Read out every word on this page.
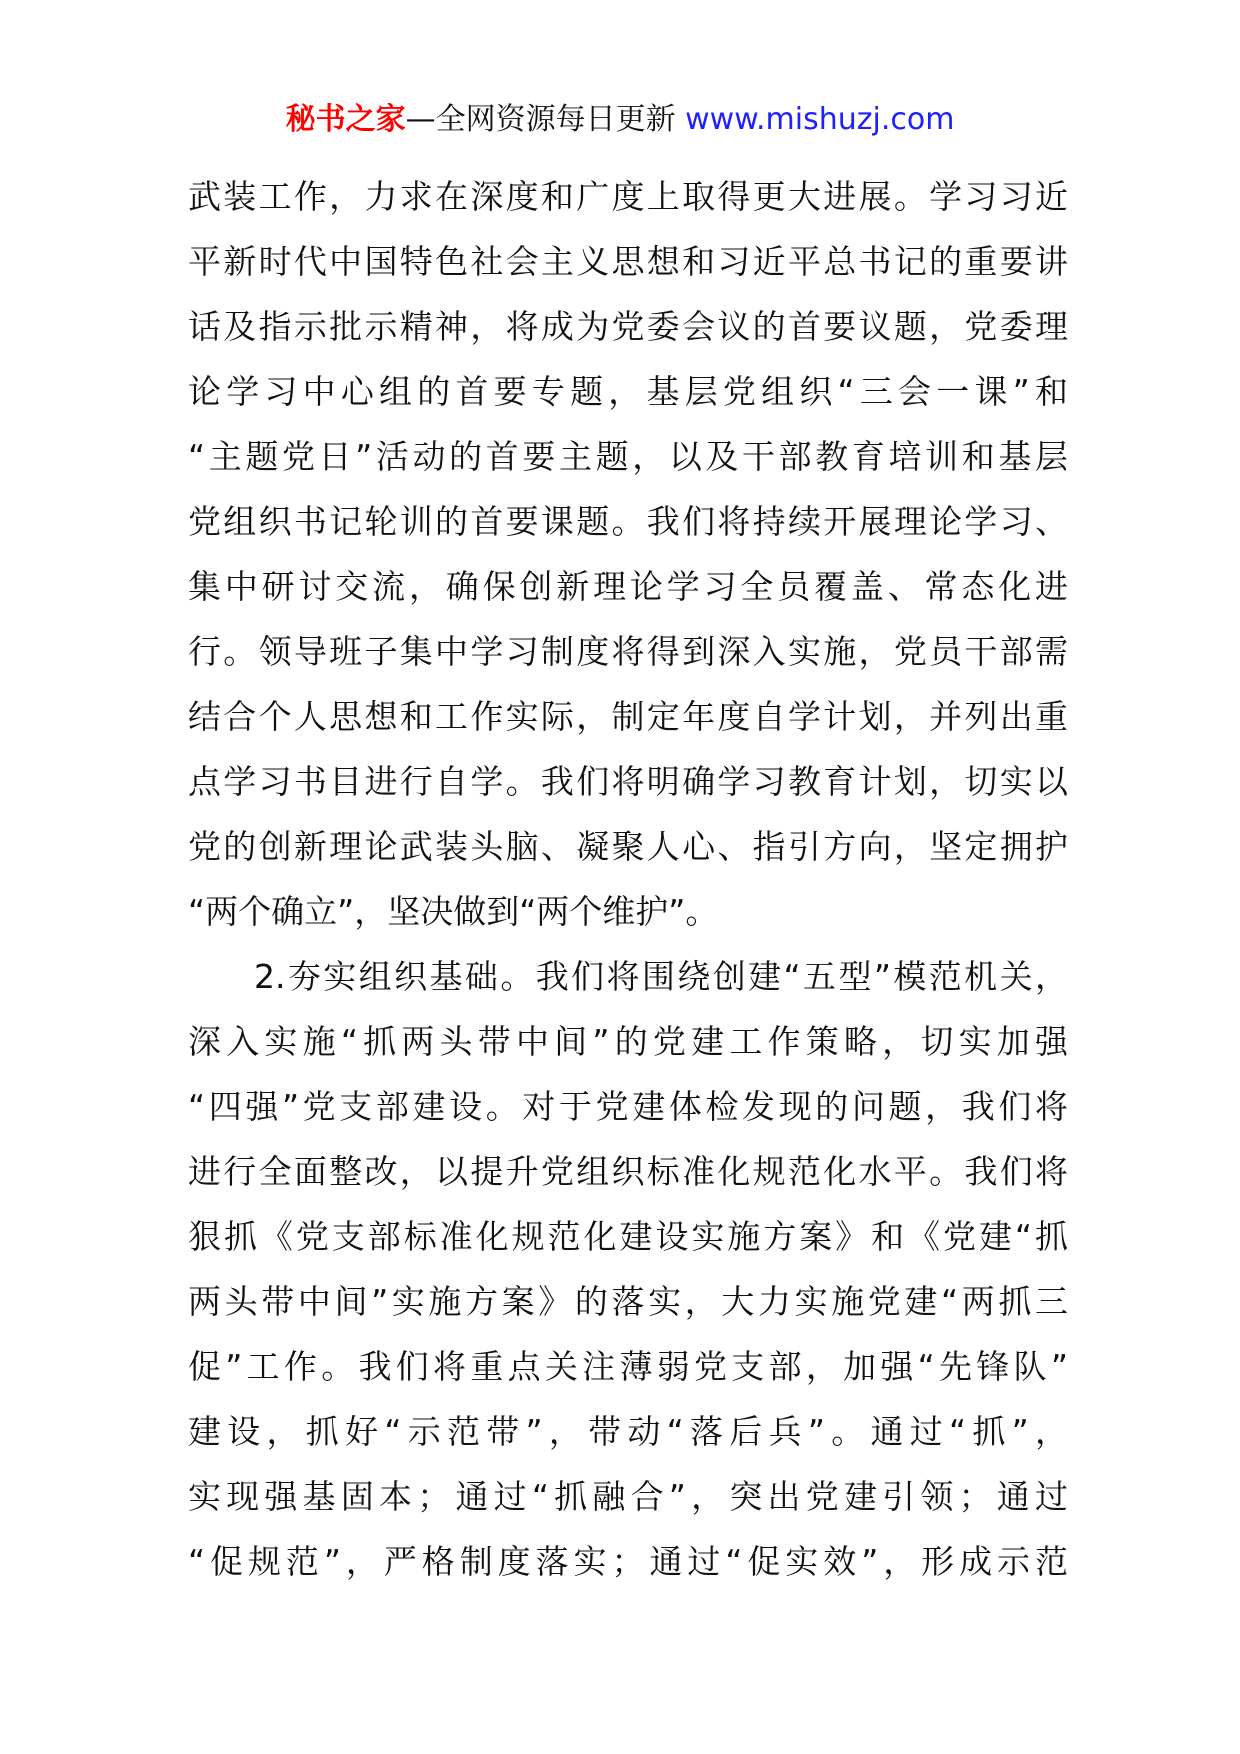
秘书之家—全网资源每日更新 www.mishuzj.com
武装工作，力求在深度和广度上取得更大进展。学习习近
平新时代中国特色社会主义思想和习近平总书记的重要讲
话及指示批示精神，将成为党委会议的首要议题，党委理
论学习中心组的首要专题，基层党组织“三会一课”和
“主题党日”活动的首要主题，以及干部教育培训和基层
党组织书记轮训的首要课题。我们将持续开展理论学习、
集中研讨交流，确保创新理论学习全员覆盖、常态化进
行。领导班子集中学习制度将得到深入实施，党员干部需
结合个人思想和工作实际，制定年度自学计划，并列出重
点学习书目进行自学。我们将明确学习教育计划，切实以
党的创新理论武装头脑、凝聚人心、指引方向，坚定拥护
“两个确立”，坚决做到“两个维护”。
2.夯实组织基础。我们将围绕创建“五型”模范机关，
深入实施“抓两头带中间”的党建工作策略，切实加强
“四强”党支部建设。对于党建体检发现的问题，我们将
进行全面整改，以提升党组织标准化规范化水平。我们将
狠抓《党支部标准化规范化建设实施方案》和《党建“抓
两头带中间”实施方案》的落实，大力实施党建“两抓三
促”工作。我们将重点关注薄弱党支部，加强“先锋队”
建设，抓好“示范带”，带动“落后兵”。通过“抓”，
实现强基固本；通过“抓融合”，突出党建引领；通过
“促规范”，严格制度落实；通过“促实效”，形成示范
